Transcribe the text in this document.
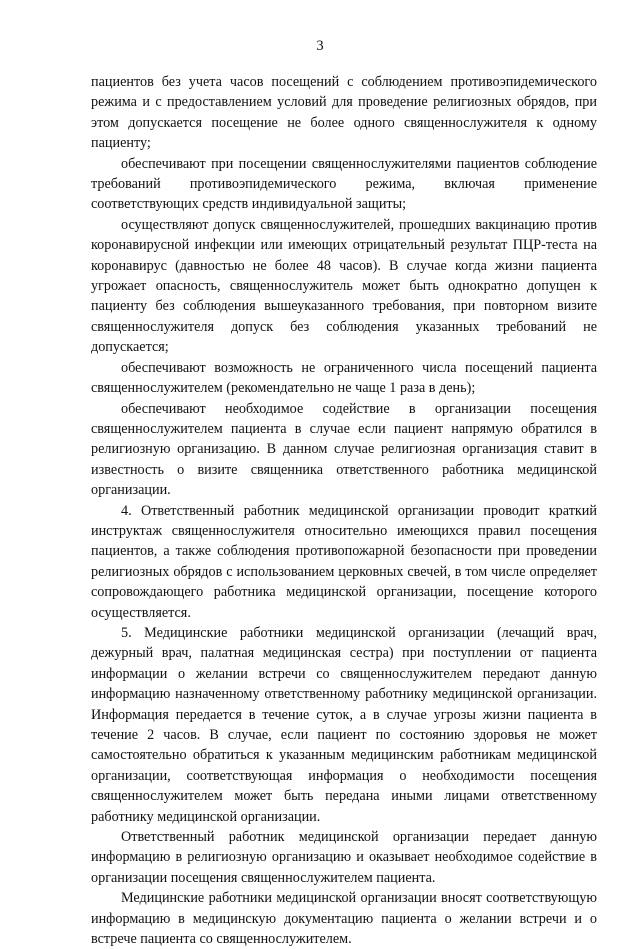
3

пациентов без учета часов посещений с соблюдением противоэпидемического режима и с предоставлением условий для проведение религиозных обрядов, при этом допускается посещение не более одного священнослужителя к одному пациенту;

обеспечивают при посещении священнослужителями пациентов соблюдение требований противоэпидемического режима, включая применение соответствующих средств индивидуальной защиты;

осуществляют допуск священнослужителей, прошедших вакцинацию против коронавирусной инфекции или имеющих отрицательный результат ПЦР-теста на коронавирус (давностью не более 48 часов). В случае когда жизни пациента угрожает опасность, священнослужитель может быть однократно допущен к пациенту без соблюдения вышеуказанного требования, при повторном визите священнослужителя допуск без соблюдения указанных требований не допускается;

обеспечивают возможность не ограниченного числа посещений пациента священнослужителем (рекомендательно не чаще 1 раза в день);

обеспечивают необходимое содействие в организации посещения священнослужителем пациента в случае если пациент напрямую обратился в религиозную организацию. В данном случае религиозная организация ставит в известность о визите священника ответственного работника медицинской организации.

4. Ответственный работник медицинской организации проводит краткий инструктаж священнослужителя относительно имеющихся правил посещения пациентов, а также соблюдения противопожарной безопасности при проведении религиозных обрядов с использованием церковных свечей, в том числе определяет сопровождающего работника медицинской организации, посещение которого осуществляется.

5. Медицинские работники медицинской организации (лечащий врач, дежурный врач, палатная медицинская сестра) при поступлении от пациента информации о желании встречи со священнослужителем передают данную информацию назначенному ответственному работнику медицинской организации. Информация передается в течение суток, а в случае угрозы жизни пациента в течение 2 часов. В случае, если пациент по состоянию здоровья не может самостоятельно обратиться к указанным медицинским работникам медицинской организации, соответствующая информация о необходимости посещения священнослужителем может быть передана иными лицами ответственному работнику медицинской организации.

Ответственный работник медицинской организации передает данную информацию в религиозную организацию и оказывает необходимое содействие в организации посещения священнослужителем пациента.

Медицинские работники медицинской организации вносят соответствующую информацию в медицинскую документацию пациента о желании встречи и о встрече пациента со священнослужителем.
